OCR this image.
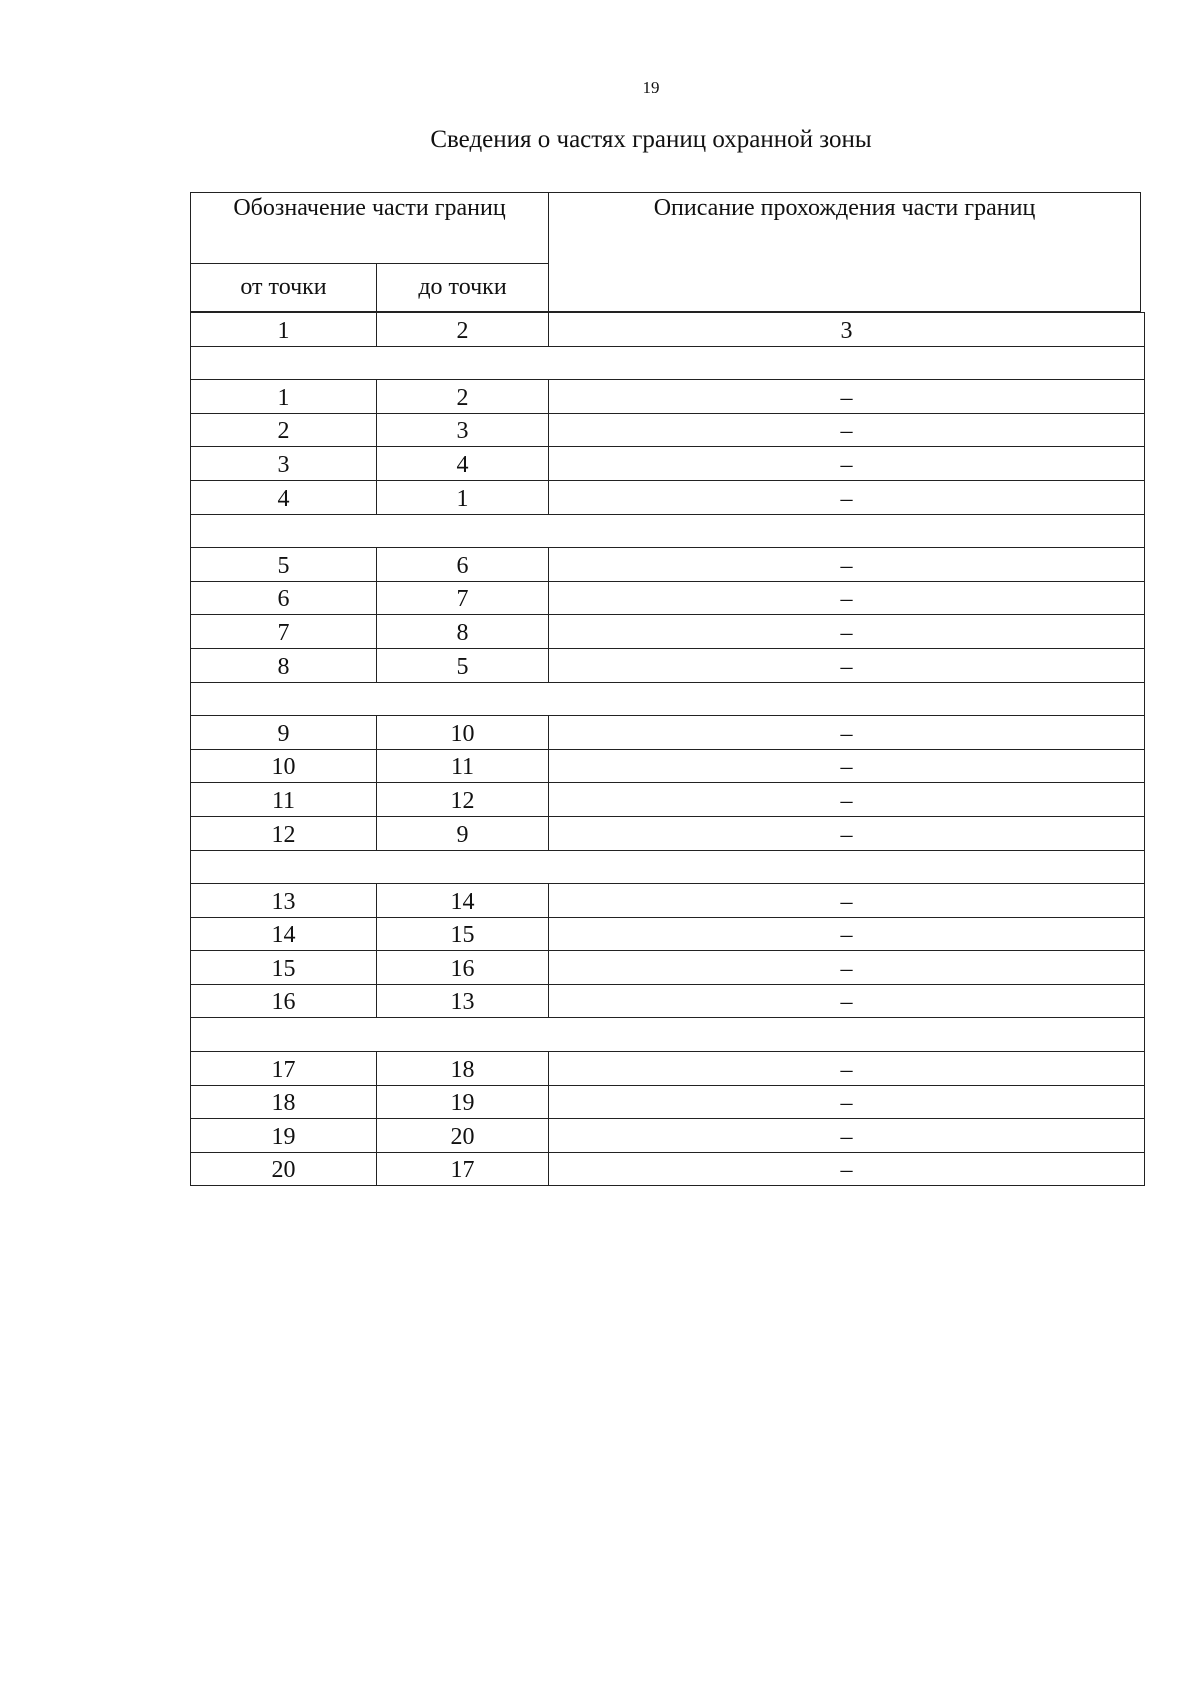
19
Сведения о частях границ охранной зоны
Обозначение части границ		Описание прохождения части границ
от точки	до точки	
1	2	3

1	2	–
2	3	–
3	4	–
4	1	–

5	6	–
6	7	–
7	8	–
8	5	–

9	10	–
10	11	–
11	12	–
12	9	–

13	14	–
14	15	–
15	16	–
16	13	–

17	18	–
18	19	–
19	20	–
20	17	–
